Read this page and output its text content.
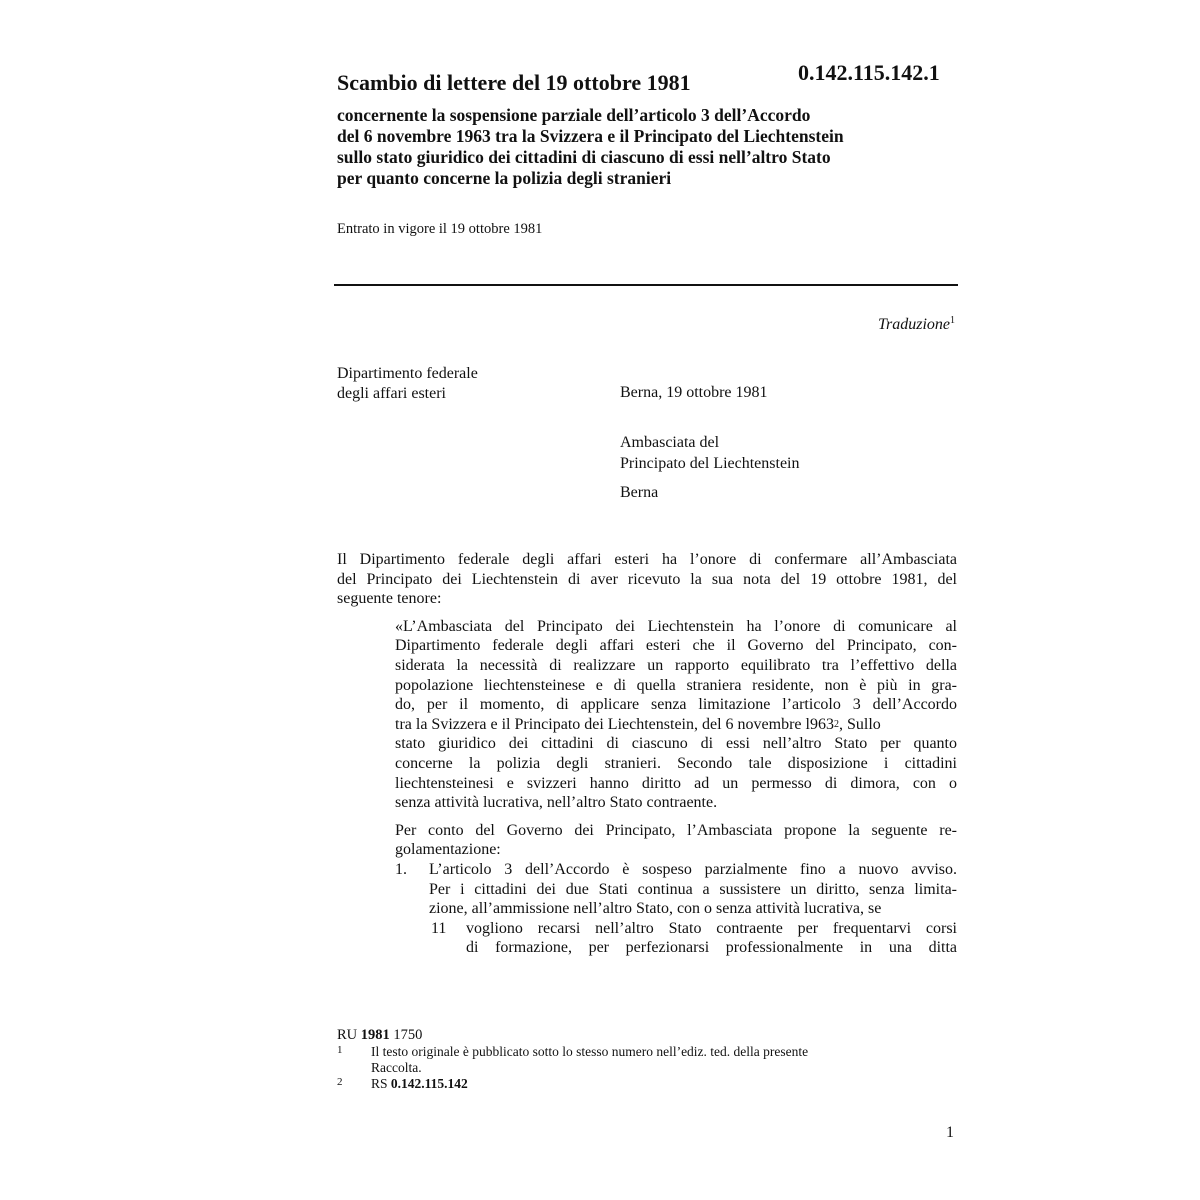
0.142.115.142.1
Scambio di lettere del 19 ottobre 1981
concernente la sospensione parziale dell’articolo 3 dell’Accordo
del 6 novembre 1963 tra la Svizzera e il Principato del Liechtenstein
sullo stato giuridico dei cittadini di ciascuno di essi nell’altro Stato
per quanto concerne la polizia degli stranieri
Entrato in vigore il 19 ottobre 1981
Traduzione$^1$
Dipartimento federale
degli affari esteri	Berna, 19 ottobre 1981
Ambasciata del
Principato del Liechtenstein
Berna
Il Dipartimento federale degli affari esteri ha l’onore di confermare all’Ambasciata
del Principato dei Liechtenstein di aver ricevuto la sua nota del 19 ottobre 1981, del
seguente tenore:
«L’Ambasciata del Principato dei Liechtenstein ha l’onore di comunicare al
Dipartimento federale degli affari esteri che il Governo del Principato, con-
siderata la necessità di realizzare un rapporto equilibrato tra l’effettivo della
popolazione liechtensteinese e di quella straniera residente, non è più in gra-
do, per il momento, di applicare senza limitazione l’articolo 3 dell’Accordo
tra la Svizzera e il Principato dei Liechtenstein, del 6 novembre $l963^2$, Sullo
stato giuridico dei cittadini di ciascuno di essi nell’altro Stato per quanto
concerne la polizia degli stranieri. Secondo tale disposizione i cittadini
liechtensteinesi e svizzeri hanno diritto ad un permesso di dimora, con o
senza attività lucrativa, nell’altro Stato contraente.
Per conto del Governo dei Principato, l’Ambasciata propone la seguente re-
golamentazione:
1. L’articolo 3 dell’Accordo è sospeso parzialmente fino a nuovo avviso.
Per i cittadini dei due Stati continua a sussistere un diritto, senza limita-
zione, all’ammissione nell’altro Stato, con o senza attività lucrativa, se
11 vogliono recarsi nell’altro Stato contraente per frequentarvi corsi
di formazione, per perfezionarsi professionalmente in una ditta
RU 1981 1750
1 Il testo originale è pubblicato sotto lo stesso numero nell’ediz. ted. della presente
Raccolta.
2 RS 0.142.115.142
1
